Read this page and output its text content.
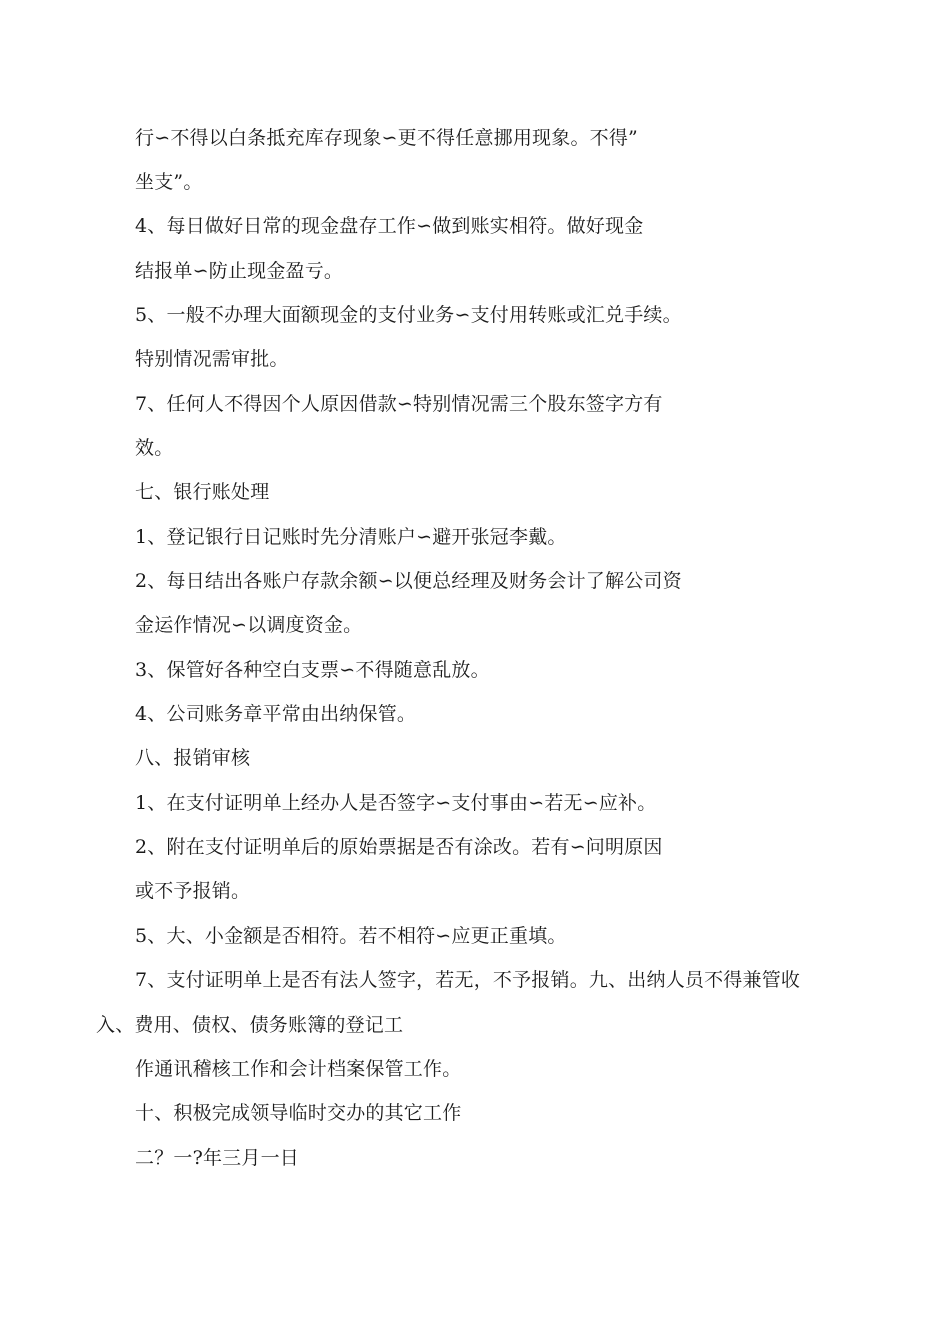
行∽不得以白条抵充库存现象∽更不得任意挪用现象。不得”
坐支”。
4、每日做好日常的现金盘存工作∽做到账实相符。做好现金
结报单∽防止现金盈亏。
5、一般不办理大面额现金的支付业务∽支付用转账或汇兑手续。
特别情况需审批。
7、任何人不得因个人原因借款∽特别情况需三个股东签字方有
效。
七、银行账处理
1、登记银行日记账时先分清账户∽避开张冠李戴。
2、每日结出各账户存款余额∽以便总经理及财务会计了解公司资
金运作情况∽以调度资金。
3、保管好各种空白支票∽不得随意乱放。
4、公司账务章平常由出纳保管。
八、报销审核
1、在支付证明单上经办人是否签字∽支付事由∽若无∽应补。
2、附在支付证明单后的原始票据是否有涂改。若有∽问明原因
或不予报销。
5、大、小金额是否相符。若不相符∽应更正重填。
7、支付证明单上是否有法人签字，若无，不予报销。九、出纳人员不得兼管收
入、费用、债权、债务账簿的登记工
作通讯稽核工作和会计档案保管工作。
十、积极完成领导临时交办的其它工作
二？一?年三月一日
